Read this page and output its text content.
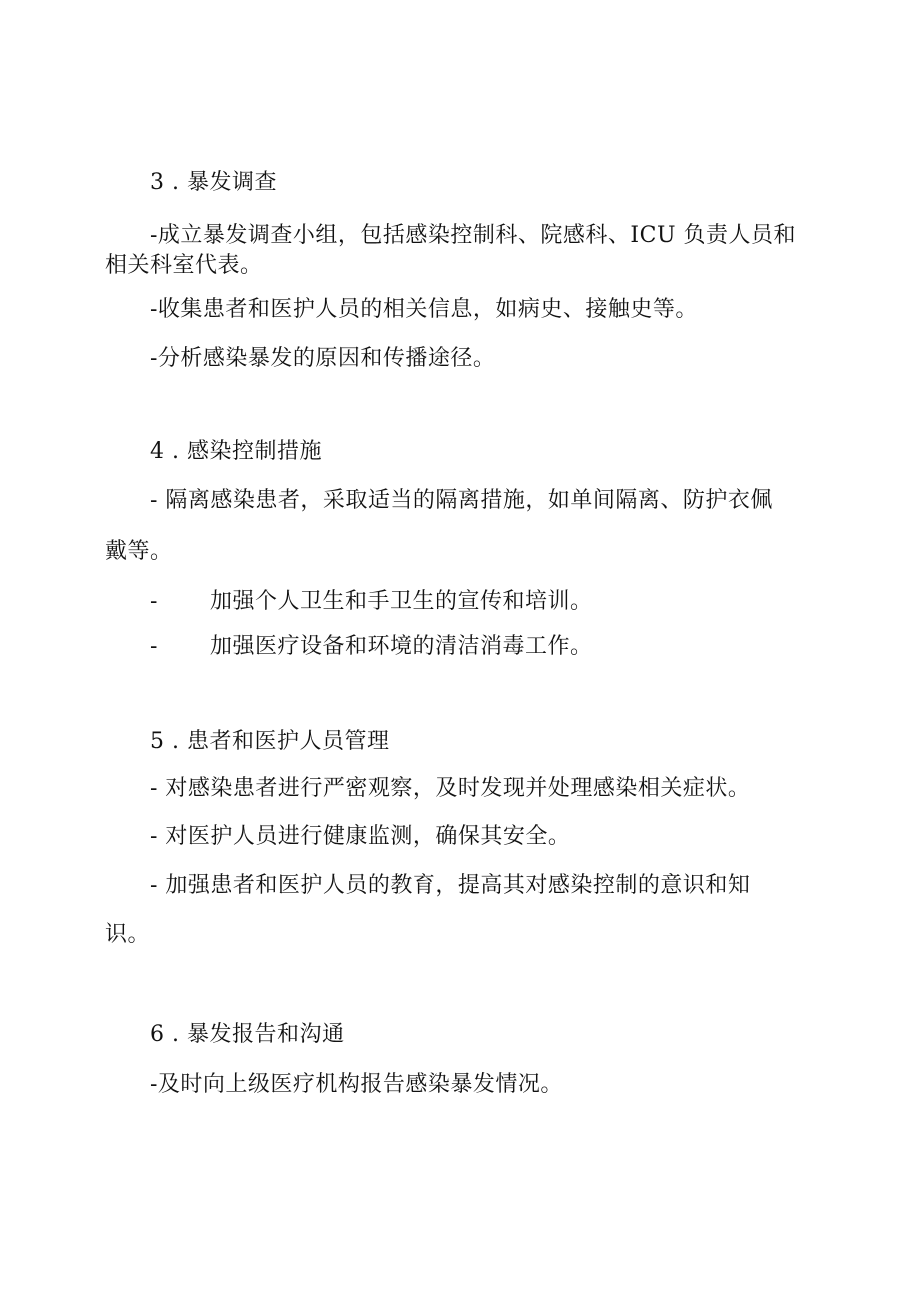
3 . 暴发调查
-成立暴发调查小组，包括感染控制科、院感科、ICU 负责人员和
相关科室代表。
-收集患者和医护人员的相关信息，如病史、接触史等。
-分析感染暴发的原因和传播途径。
4 . 感染控制措施
- 隔离感染患者，采取适当的隔离措施，如单间隔离、防护衣佩
戴等。
- 加强个人卫生和手卫生的宣传和培训。
- 加强医疗设备和环境的清洁消毒工作。
5 . 患者和医护人员管理
- 对感染患者进行严密观察，及时发现并处理感染相关症状。
- 对医护人员进行健康监测，确保其安全。
- 加强患者和医护人员的教育，提高其对感染控制的意识和知
识。
6 . 暴发报告和沟通
-及时向上级医疗机构报告感染暴发情况。
